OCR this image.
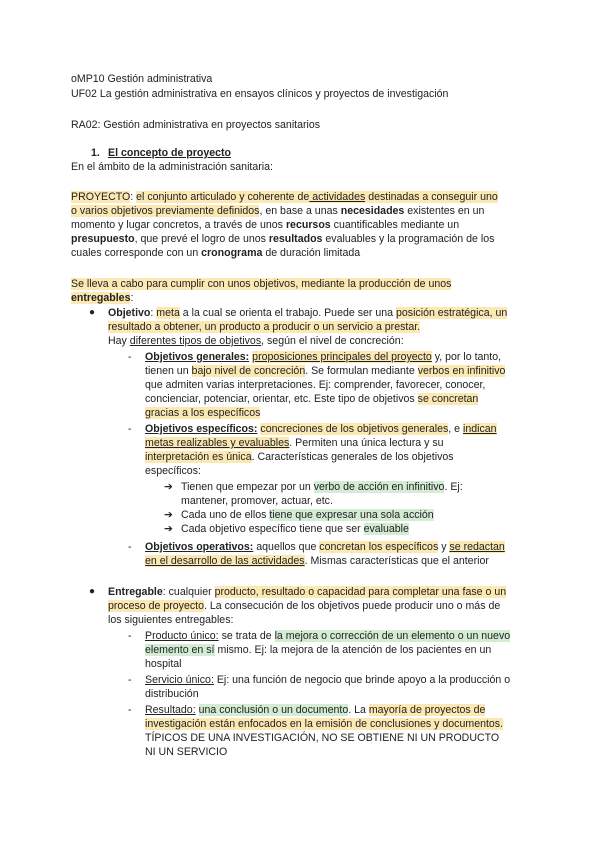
oMP10 Gestión administrativa
UF02 La gestión administrativa en ensayos clínicos y proyectos de investigación
RA02: Gestión administrativa en proyectos sanitarios
1. El concepto de proyecto
En el ámbito de la administración sanitaria:
PROYECTO: el conjunto articulado y coherente de actividades destinadas a conseguir uno
o varios objetivos previamente definidos, en base a unas necesidades existentes en un
momento y lugar concretos, a través de unos recursos cuantificables mediante un
presupuesto, que prevé el logro de unos resultados evaluables y la programación de los
cuales corresponde con un cronograma de duración limitada
Se lleva a cabo para cumplir con unos objetivos, mediante la producción de unos
entregables:
● Objetivo: meta a la cual se orienta el trabajo. Puede ser una posición estratégica, un
resultado a obtener, un producto a producir o un servicio a prestar.
Hay diferentes tipos de objetivos, según el nivel de concreción:
- Objetivos generales: proposiciones principales del proyecto y, por lo tanto,
tienen un bajo nivel de concreción. Se formulan mediante verbos en infinitivo
que admiten varias interpretaciones. Ej: comprender, favorecer, conocer,
concienciar, potenciar, orientar, etc. Este tipo de objetivos se concretan
gracias a los específicos
- Objetivos específicos: concreciones de los objetivos generales, e indican
metas realizables y evaluables. Permiten una única lectura y su
interpretación es única. Características generales de los objetivos
específicos:
➔ Tienen que empezar por un verbo de acción en infinitivo. Ej:
mantener, promover, actuar, etc.
➔ Cada uno de ellos tiene que expresar una sola acción
➔ Cada objetivo específico tiene que ser evaluable
- Objetivos operativos: aquellos que concretan los específicos y se redactan
en el desarrollo de las actividades. Mismas características que el anterior
● Entregable: cualquier producto, resultado o capacidad para completar una fase o un
proceso de proyecto. La consecución de los objetivos puede producir uno o más de
los siguientes entregables:
- Producto único: se trata de la mejora o corrección de un elemento o un nuevo
elemento en sí mismo. Ej: la mejora de la atención de los pacientes en un
hospital
- Servicio único: Ej: una función de negocio que brinde apoyo a la producción o
distribución
- Resultado: una conclusión o un documento. La mayoría de proyectos de
investigación están enfocados en la emisión de conclusiones y documentos.
TÍPICOS DE UNA INVESTIGACIÓN, NO SE OBTIENE NI UN PRODUCTO
NI UN SERVICIO
